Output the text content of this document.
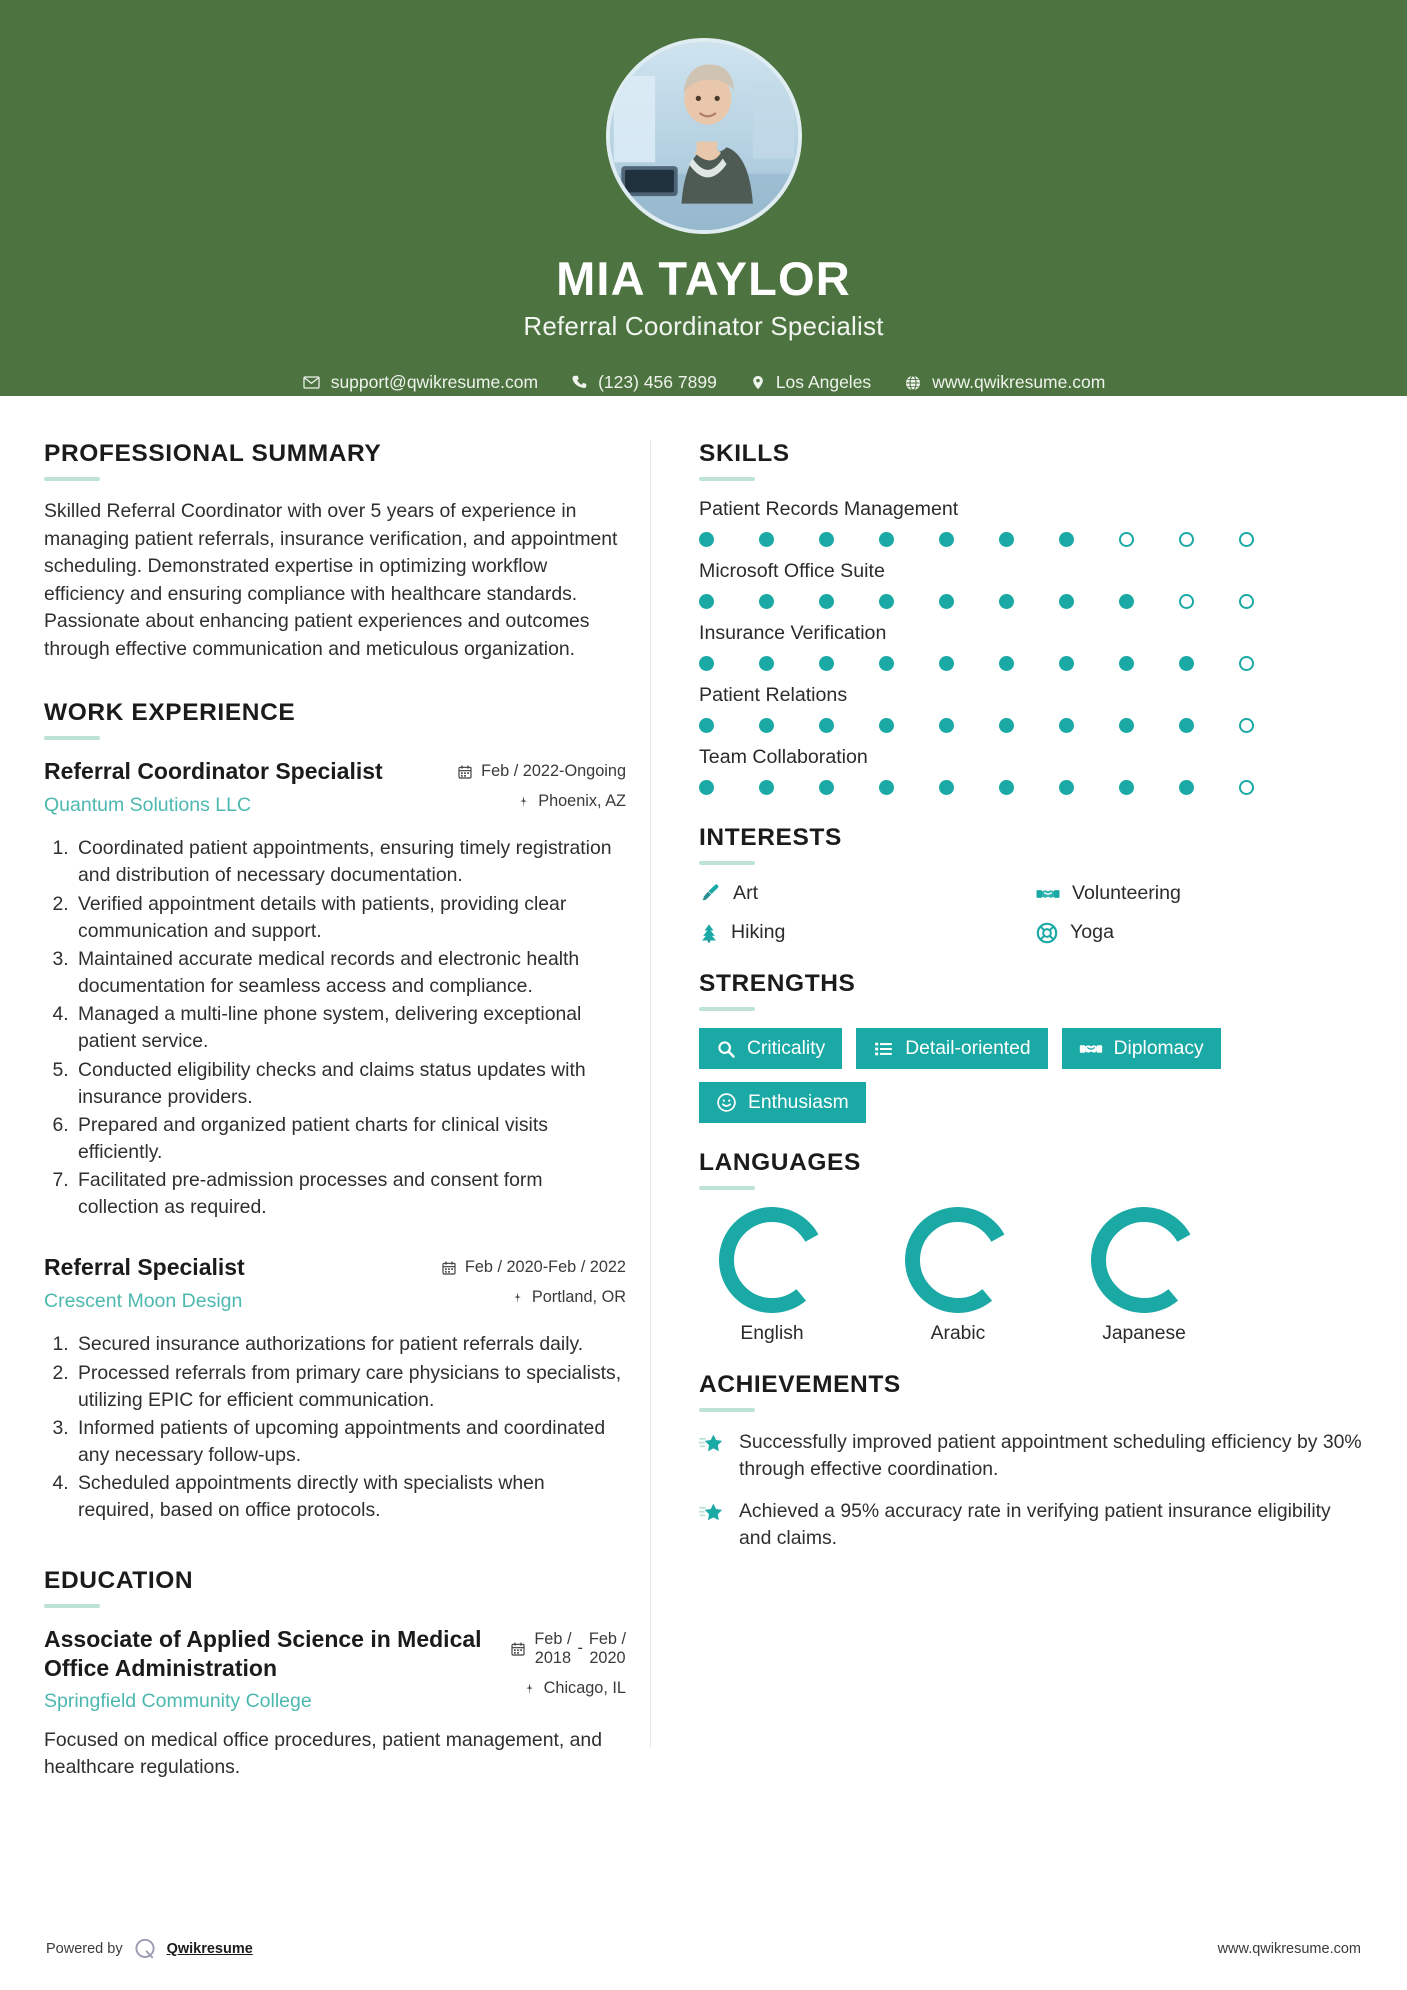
MIA TAYLOR
Referral Coordinator Specialist
support@qwikresume.com	(123) 456 7899	Los Angeles	www.qwikresume.com
PROFESSIONAL SUMMARY
Skilled Referral Coordinator with over 5 years of experience in managing patient referrals, insurance verification, and appointment scheduling. Demonstrated expertise in optimizing workflow efficiency and ensuring compliance with healthcare standards. Passionate about enhancing patient experiences and outcomes through effective communication and meticulous organization.
WORK EXPERIENCE
Referral Coordinator Specialist
Quantum Solutions LLC
Feb / 2022-Ongoing
Phoenix, AZ
1. Coordinated patient appointments, ensuring timely registration and distribution of necessary documentation.
2. Verified appointment details with patients, providing clear communication and support.
3. Maintained accurate medical records and electronic health documentation for seamless access and compliance.
4. Managed a multi-line phone system, delivering exceptional patient service.
5. Conducted eligibility checks and claims status updates with insurance providers.
6. Prepared and organized patient charts for clinical visits efficiently.
7. Facilitated pre-admission processes and consent form collection as required.
Referral Specialist
Crescent Moon Design
Feb / 2020-Feb / 2022
Portland, OR
1. Secured insurance authorizations for patient referrals daily.
2. Processed referrals from primary care physicians to specialists, utilizing EPIC for efficient communication.
3. Informed patients of upcoming appointments and coordinated any necessary follow-ups.
4. Scheduled appointments directly with specialists when required, based on office protocols.
EDUCATION
Associate of Applied Science in Medical Office Administration
Springfield Community College
Feb /
2018
-
Feb /
2020
Chicago, IL
Focused on medical office procedures, patient management, and healthcare regulations.
SKILLS
Patient Records Management
Microsoft Office Suite
Insurance Verification
Patient Relations
Team Collaboration
INTERESTS
Art	Volunteering
Hiking	Yoga
STRENGTHS
Criticality	Detail-oriented	Diplomacy
Enthusiasm
LANGUAGES
English	Arabic	Japanese
ACHIEVEMENTS
Successfully improved patient appointment scheduling efficiency by 30% through effective coordination.
Achieved a 95% accuracy rate in verifying patient insurance eligibility and claims.
Powered by	Qwikresume	www.qwikresume.com
